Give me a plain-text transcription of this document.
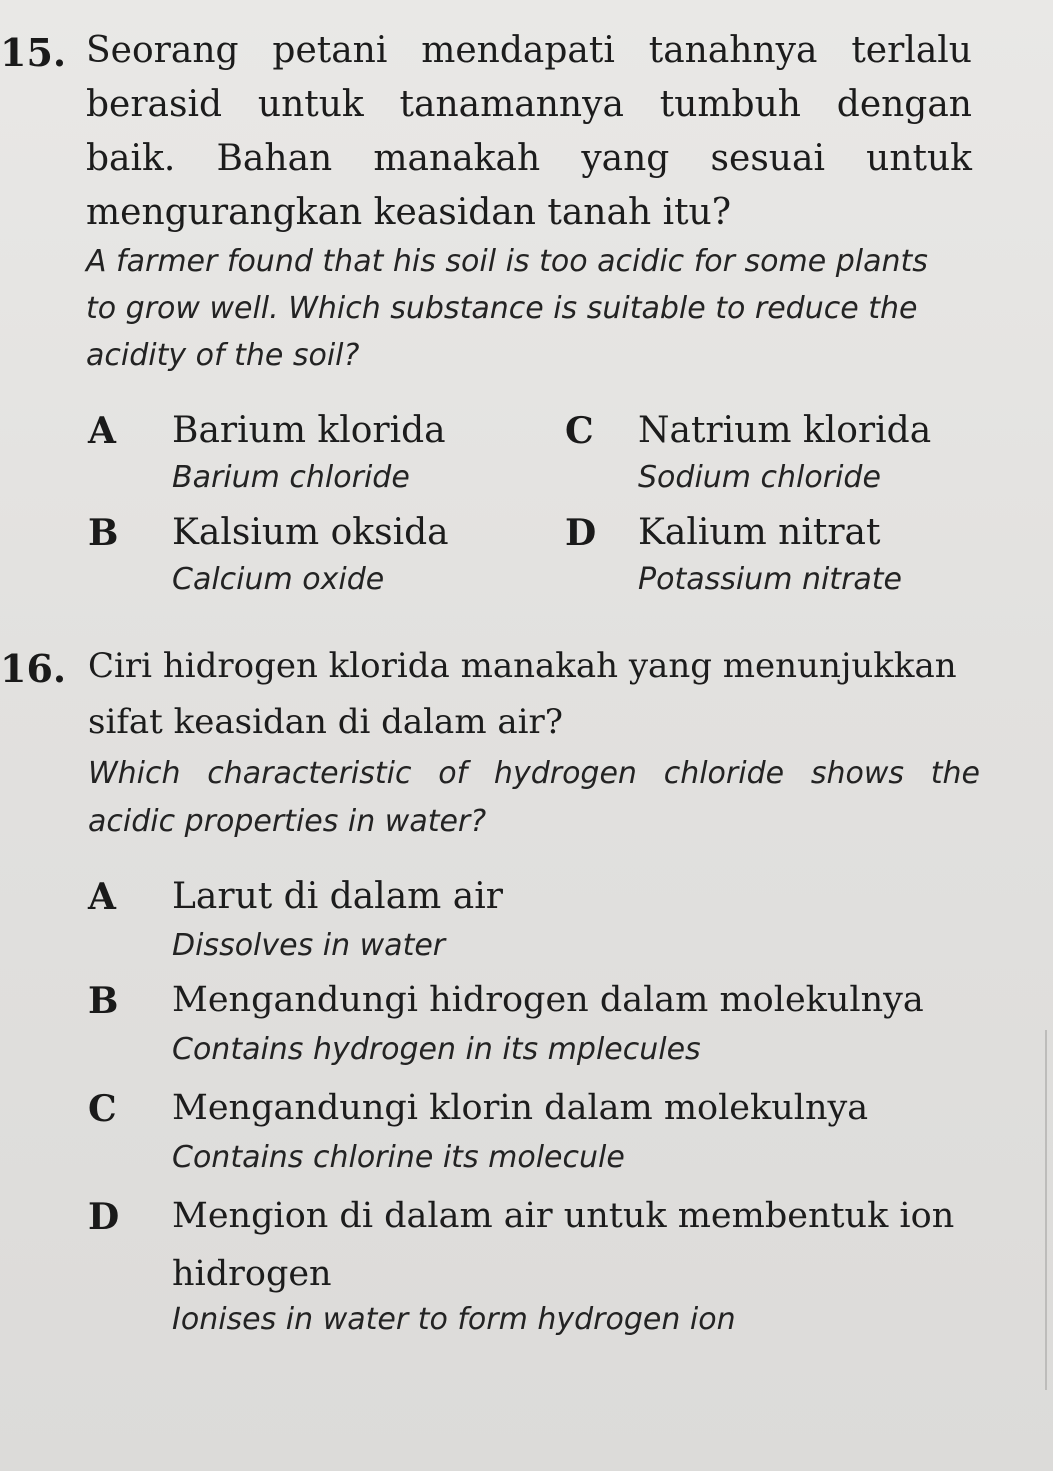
15. Seorang petani mendapati tanahnya terlalu
berasid untuk tanamannya tumbuh dengan
baik. Bahan manakah yang sesuai untuk
mengurangkan keasidan tanah itu?
A farmer found that his soil is too acidic for some plants
to grow well. Which substance is suitable to reduce the
acidity of the soil?
A Barium klorida
Barium chloride
C Natrium klorida
Sodium chloride
B Kalsium oksida
Calcium oxide
D Kalium nitrat
Potassium nitrate
16. Ciri hidrogen klorida manakah yang menunjukkan
sifat keasidan di dalam air?
Which characteristic of hydrogen chloride shows the
acidic properties in water?
A Larut di dalam air
Dissolves in water
B Mengandungi hidrogen dalam molekulnya
Contains hydrogen in its mplecules
C Mengandungi klorin dalam molekulnya
Contains chlorine its molecule
D Mengion di dalam air untuk membentuk ion
hidrogen
Ionises in water to form hydrogen ion
